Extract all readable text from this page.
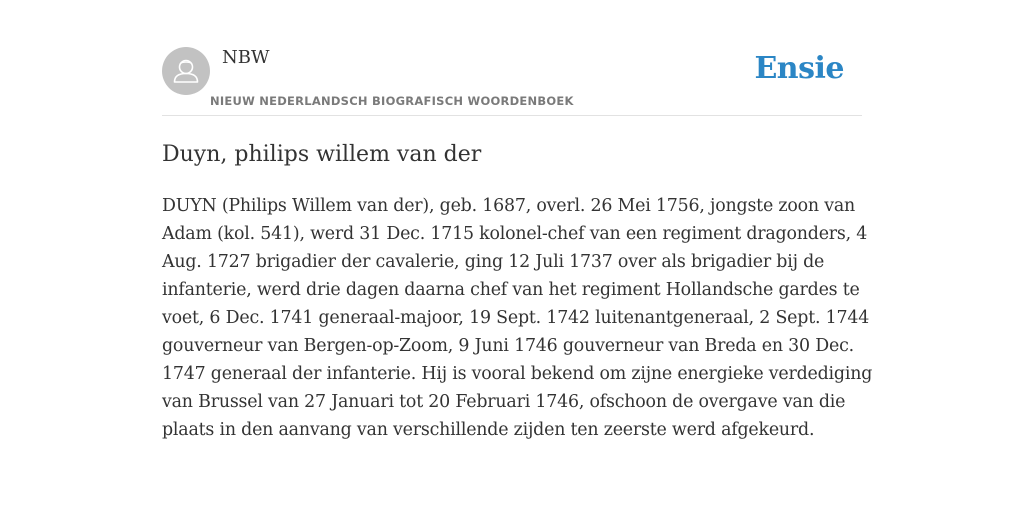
NBW
NIEUW NEDERLANDSCH BIOGRAFISCH WOORDENBOEK
Ensie
Duyn, philips willem van der

DUYN (Philips Willem van der), geb. 1687, overl. 26 Mei 1756, jongste zoon van
Adam (kol. 541), werd 31 Dec. 1715 kolonel-chef van een regiment dragonders, 4
Aug. 1727 brigadier der cavalerie, ging 12 Juli 1737 over als brigadier bij de
infanterie, werd drie dagen daarna chef van het regiment Hollandsche gardes te
voet, 6 Dec. 1741 generaal-majoor, 19 Sept. 1742 luitenantgeneraal, 2 Sept. 1744
gouverneur van Bergen-op-Zoom, 9 Juni 1746 gouverneur van Breda en 30 Dec.
1747 generaal der infanterie. Hij is vooral bekend om zijne energieke verdediging
van Brussel van 27 Januari tot 20 Februari 1746, ofschoon de overgave van die
plaats in den aanvang van verschillende zijden ten zeerste werd afgekeurd.
